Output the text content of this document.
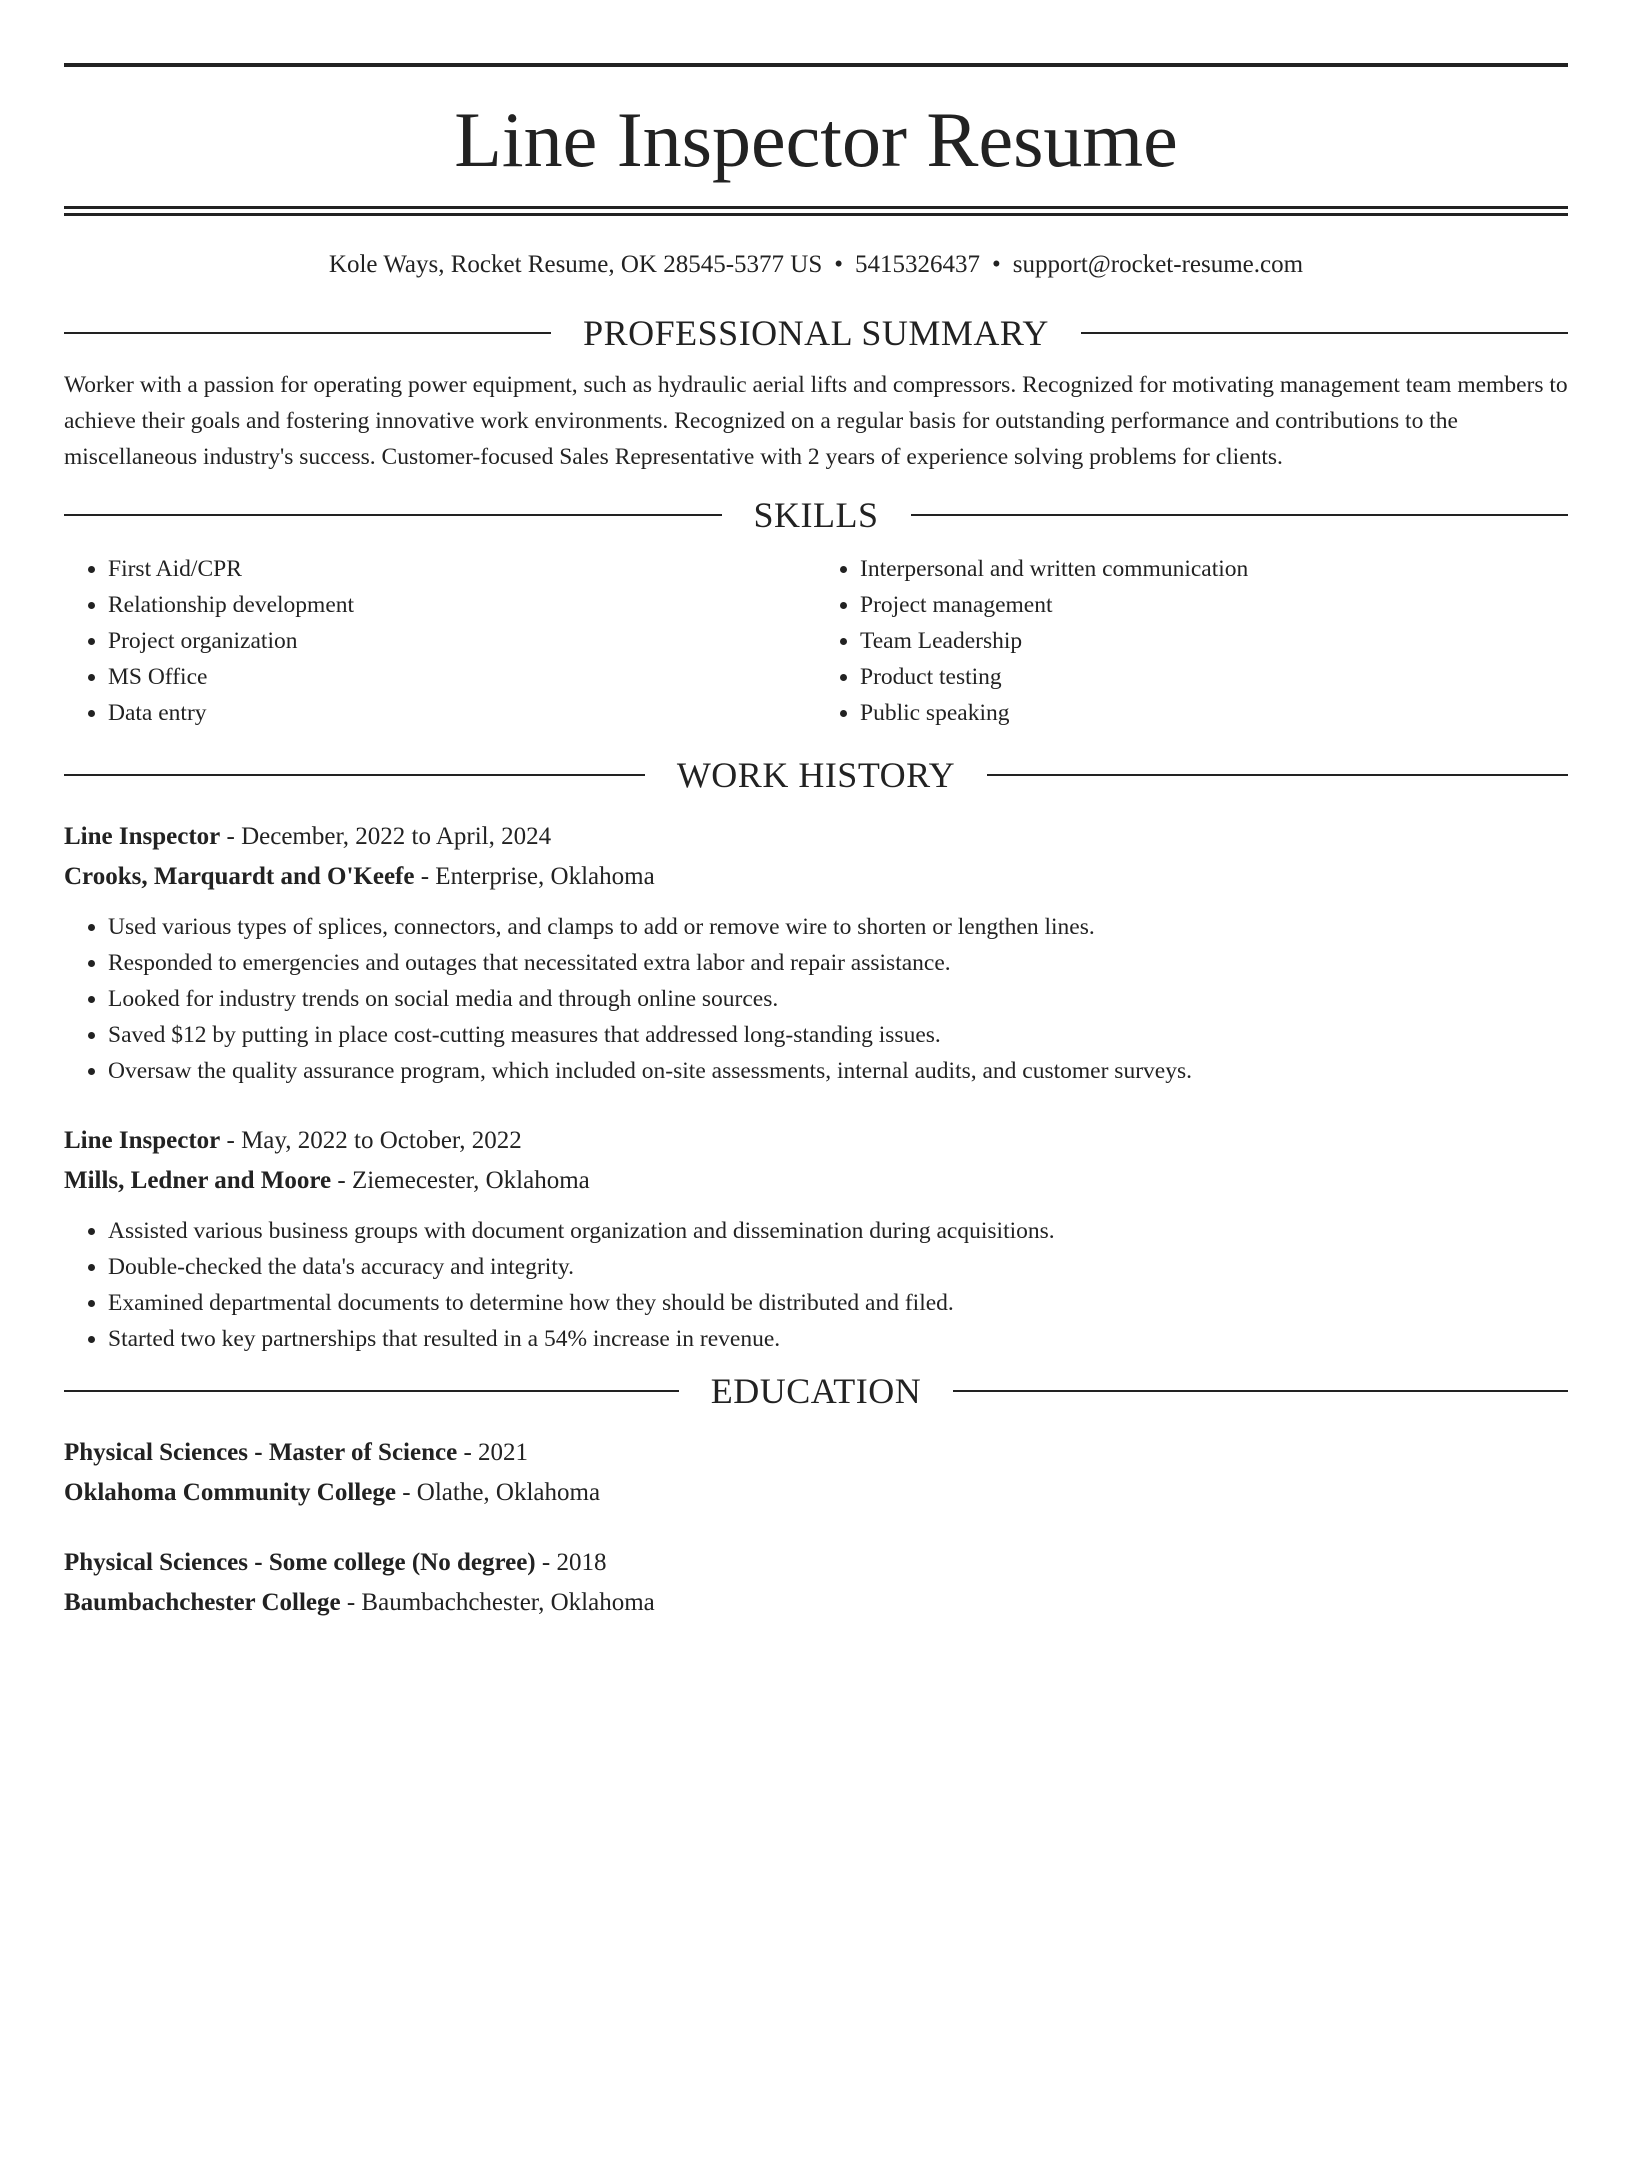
Line Inspector Resume
Kole Ways, Rocket Resume, OK 28545-5377 US • 5415326437 • support@rocket-resume.com
PROFESSIONAL SUMMARY

Worker with a passion for operating power equipment, such as hydraulic aerial lifts and compressors. Recognized for motivating management team members to achieve their goals and fostering innovative work environments. Recognized on a regular basis for outstanding performance and contributions to the miscellaneous industry's success. Customer-focused Sales Representative with 2 years of experience solving problems for clients.

SKILLS
• First Aid/CPR
• Relationship development
• Project organization
• MS Office
• Data entry
• Interpersonal and written communication
• Project management
• Team Leadership
• Product testing
• Public speaking
WORK HISTORY
Line Inspector - December, 2022 to April, 2024
Crooks, Marquardt and O'Keefe - Enterprise, Oklahoma
• Used various types of splices, connectors, and clamps to add or remove wire to shorten or lengthen lines.
• Responded to emergencies and outages that necessitated extra labor and repair assistance.
• Looked for industry trends on social media and through online sources.
• Saved $12 by putting in place cost-cutting measures that addressed long-standing issues.
• Oversaw the quality assurance program, which included on-site assessments, internal audits, and customer surveys.
Line Inspector - May, 2022 to October, 2022
Mills, Ledner and Moore - Ziemecester, Oklahoma
• Assisted various business groups with document organization and dissemination during acquisitions.
• Double-checked the data's accuracy and integrity.
• Examined departmental documents to determine how they should be distributed and filed.
• Started two key partnerships that resulted in a 54% increase in revenue.
EDUCATION
Physical Sciences - Master of Science - 2021
Oklahoma Community College - Olathe, Oklahoma
Physical Sciences - Some college (No degree) - 2018
Baumbachchester College - Baumbachchester, Oklahoma
